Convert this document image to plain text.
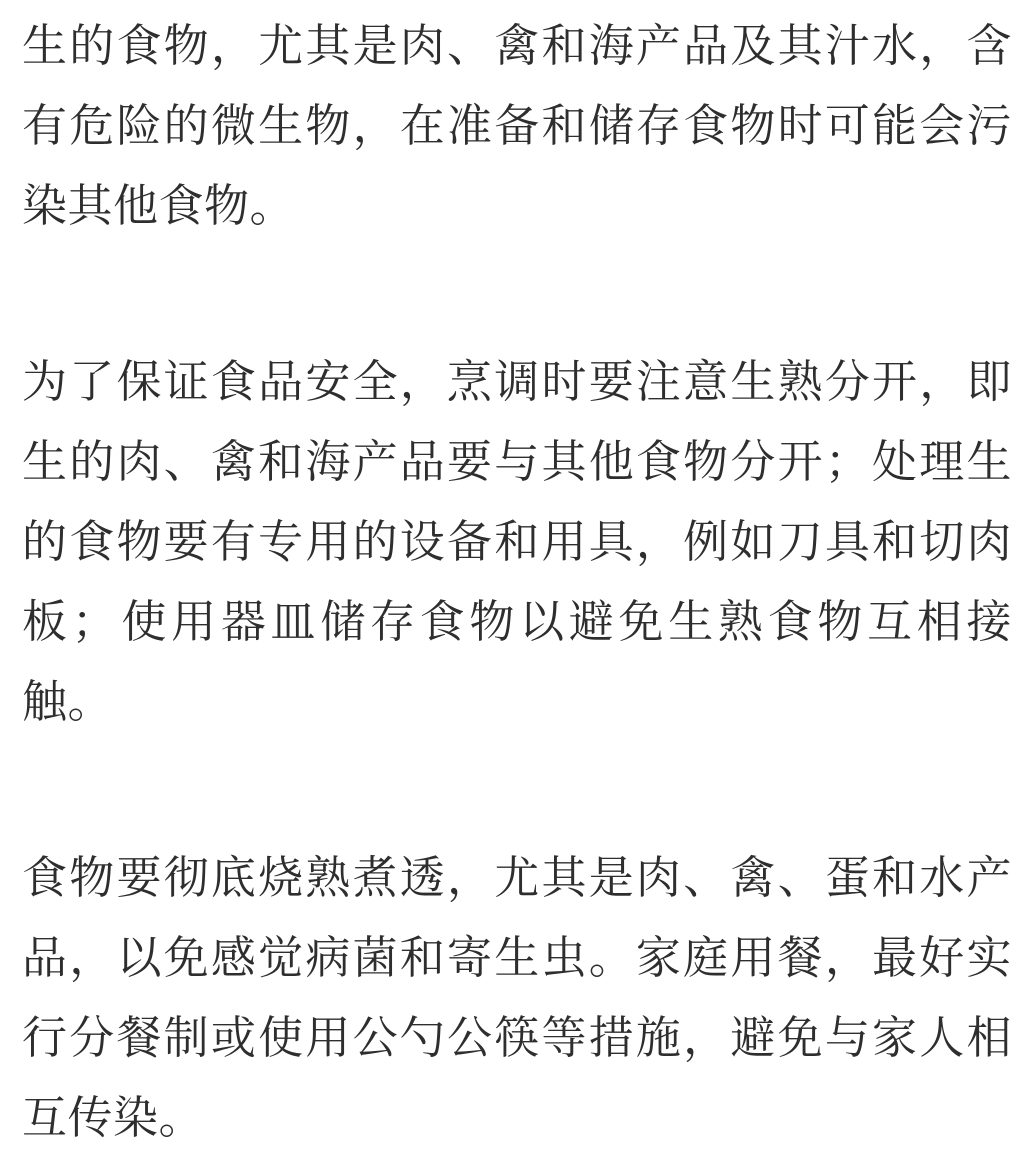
生的食物，尤其是肉、禽和海产品及其汁水，含有危险的微生物，在准备和储存食物时可能会污染其他食物。

为了保证食品安全，烹调时要注意生熟分开，即生的肉、禽和海产品要与其他食物分开；处理生的食物要有专用的设备和用具，例如刀具和切肉板；使用器皿储存食物以避免生熟食物互相接触。

食物要彻底烧熟煮透，尤其是肉、禽、蛋和水产品，以免感觉病菌和寄生虫。家庭用餐，最好实行分餐制或使用公勺公筷等措施，避免与家人相互传染。
